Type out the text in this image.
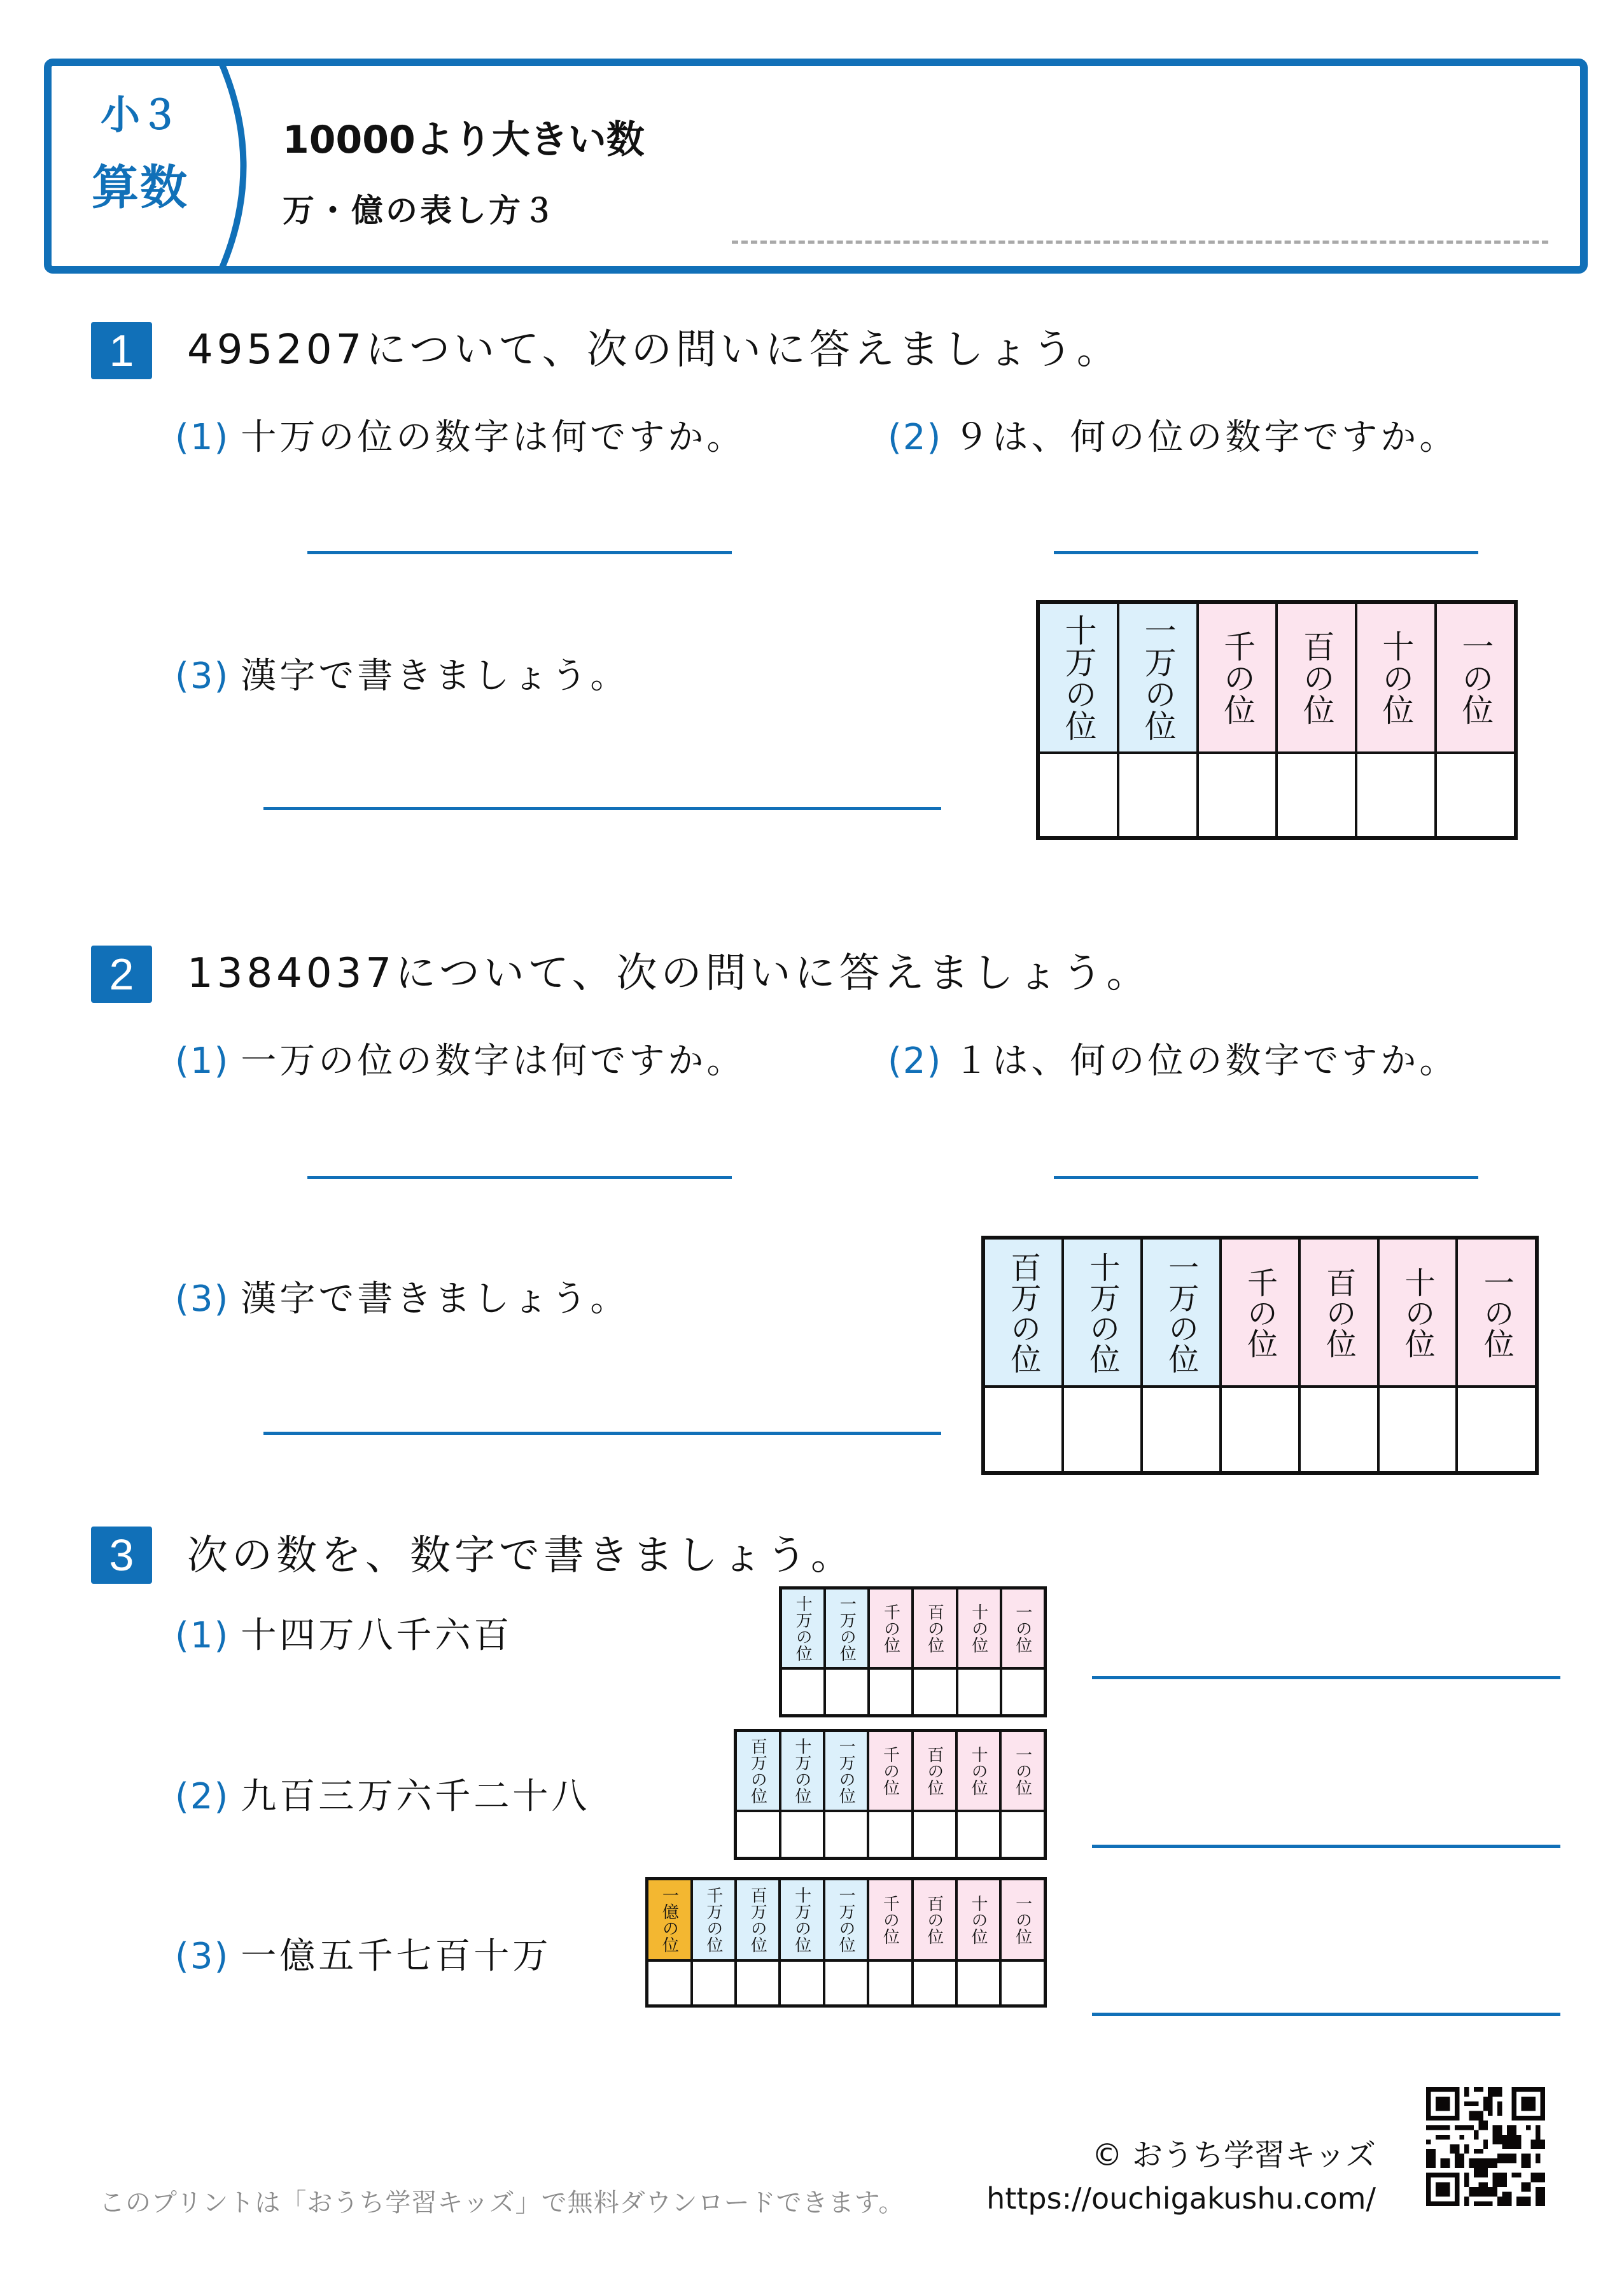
小３
算数
10000より大きい数
万・億の表し方３
1	495207について、次の問いに答えましょう。
(1) 十万の位の数字は何ですか。	(2) ９は、何の位の数字ですか。
(3) 漢字で書きましょう。	十万の位	一万の位	千の位	百の位	十の位	一の位

2	1384037について、次の問いに答えましょう。
(1) 一万の位の数字は何ですか。	(2) １は、何の位の数字ですか。
(3) 漢字で書きましょう。	百万の位	十万の位	一万の位	千の位	百の位	十の位	一の位

3	次の数を、数字で書きましょう。
(1) 十四万八千六百	十万の位	一万の位	千の位	百の位	十の位	一の位

(2) 九百三万六千二十八	百万の位	十万の位	一万の位	千の位	百の位	十の位	一の位

(3) 一億五千七百十万
一億の位	千万の位	百万の位	十万の位	一万の位	千の位	百の位	十の位	一の位

このプリントは「おうち学習キッズ」で無料ダウンロードできます。
© おうち学習キッズ
https://ouchigakushu.com/
